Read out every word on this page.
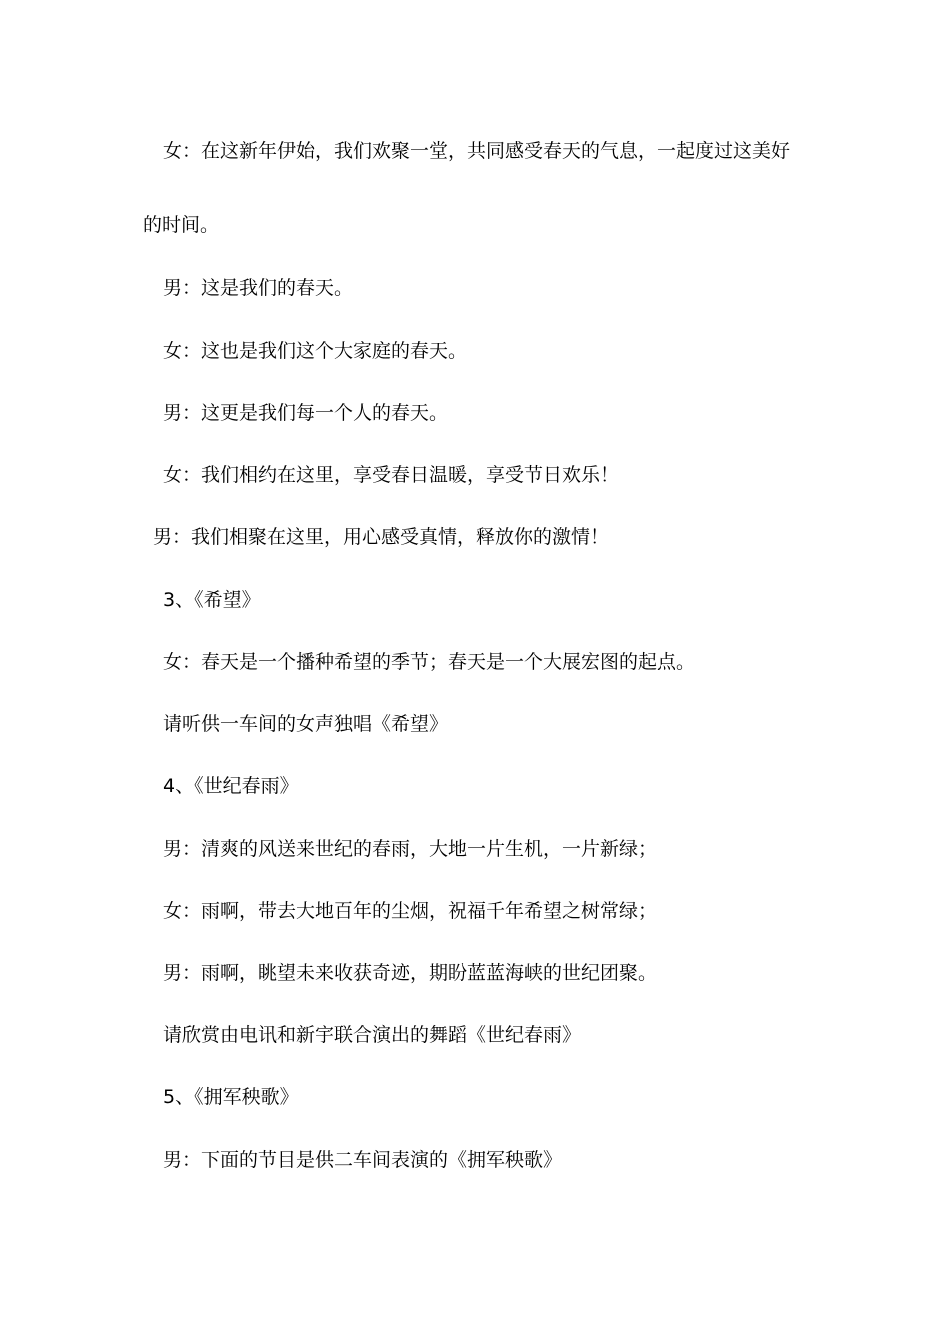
女：在这新年伊始，我们欢聚一堂，共同感受春天的气息，一起度过这美好
的时间。
男：这是我们的春天。
女：这也是我们这个大家庭的春天。
男：这更是我们每一个人的春天。
女：我们相约在这里，享受春日温暖，享受节日欢乐！
男：我们相聚在这里，用心感受真情，释放你的激情！
3、《希望》
女：春天是一个播种希望的季节；春天是一个大展宏图的起点。
请听供一车间的女声独唱《希望》
4、《世纪春雨》
男：清爽的风送来世纪的春雨，大地一片生机，一片新绿；
女：雨啊，带去大地百年的尘烟，祝福千年希望之树常绿；
男：雨啊，眺望未来收获奇迹，期盼蓝蓝海峡的世纪团聚。
请欣赏由电讯和新宇联合演出的舞蹈《世纪春雨》
5、《拥军秧歌》
男：下面的节目是供二车间表演的《拥军秧歌》
